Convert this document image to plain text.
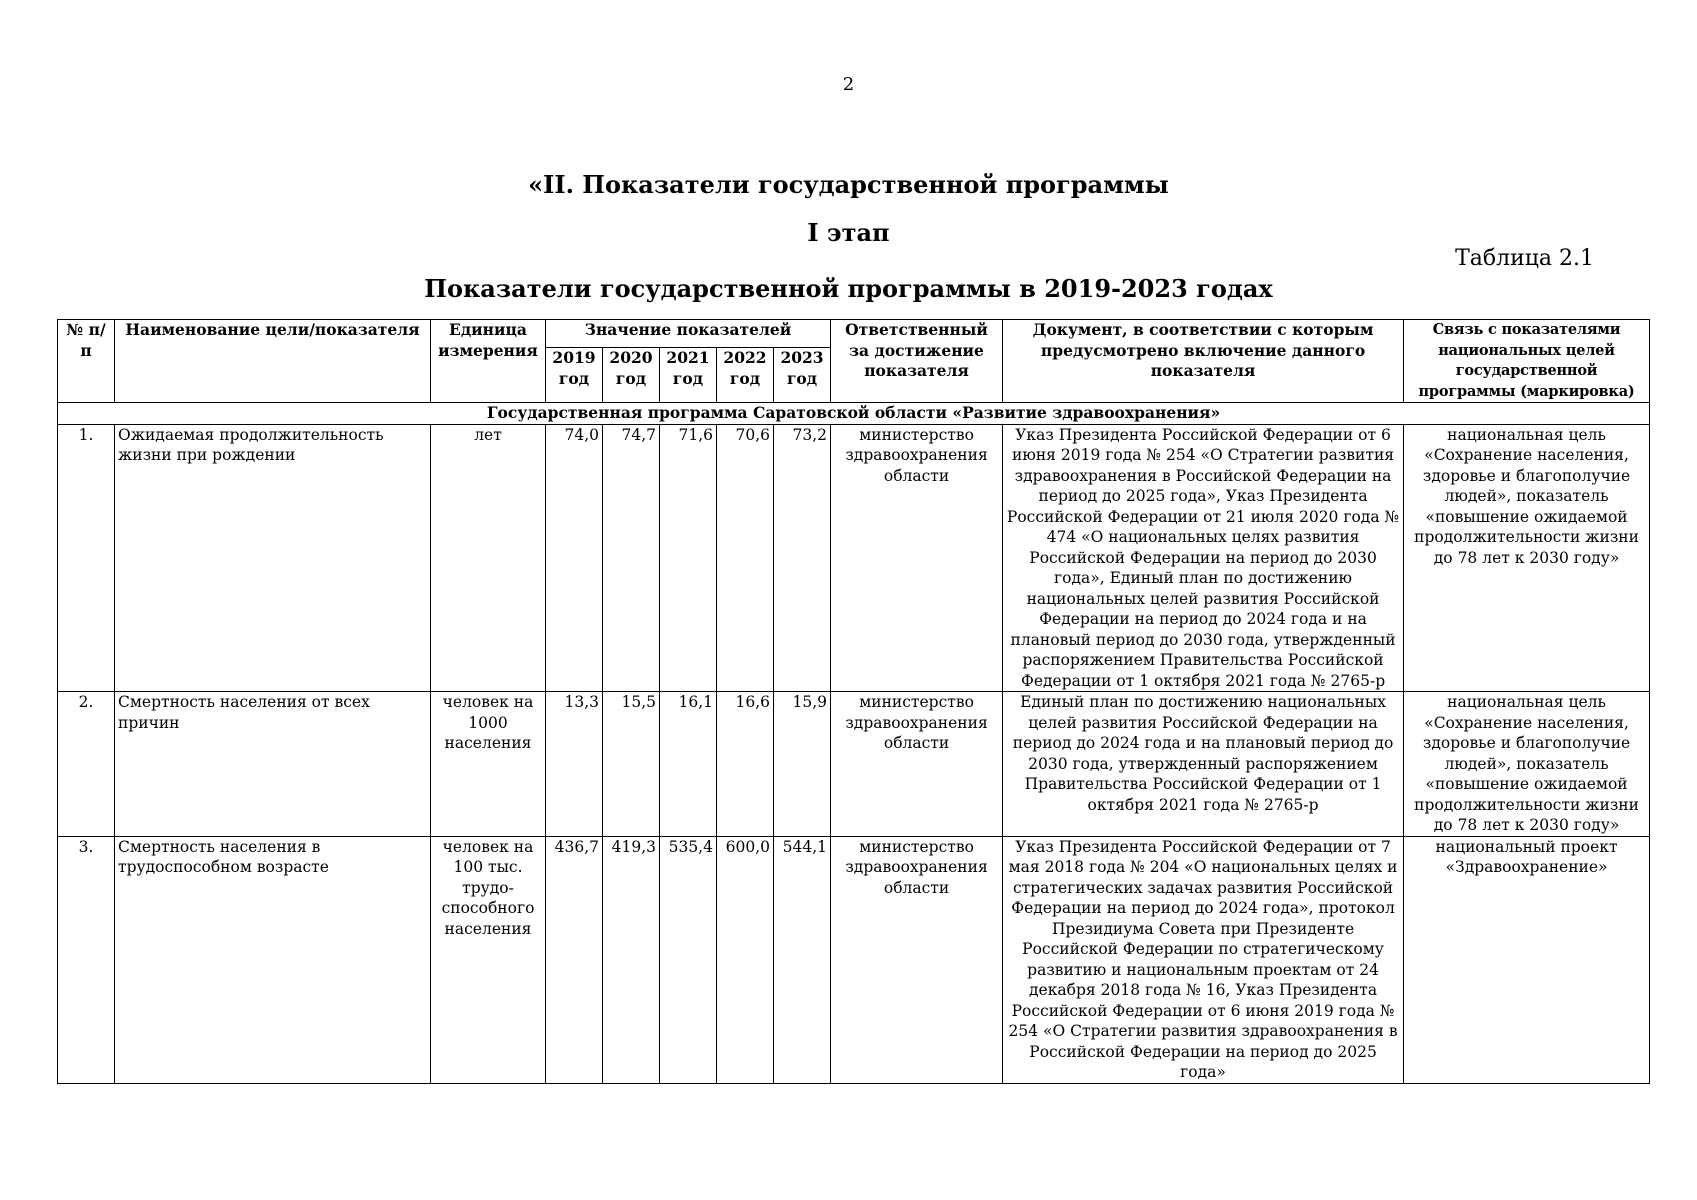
2
«II. Показатели государственной программы
I этап
Таблица 2.1
Показатели государственной программы в 2019-2023 годах
№ п/п	Наименование цели/показателя	Единица измерения	Значение показателей					Ответственный за достижение показателя	Документ, в соответствии с которым предусмотрено включение данного показателя	Связь с показателями национальных целей государственной программы (маркировка)
			2019 год	2020 год	2021 год	2022 год	2023 год			
Государственная программа Саратовской области «Развитие здравоохранения»										
1.	Ожидаемая продолжительность жизни при рождении	лет	74,0	74,7	71,6	70,6	73,2	министерство здравоохранения области	Указ Президента Российской Федерации от 6 июня 2019 года № 254 «О Стратегии развития здравоохранения в Российской Федерации на период до 2025 года», Указ Президента Российской Федерации от 21 июля 2020 года № 474 «О национальных целях развития Российской Федерации на период до 2030 года», Единый план по достижению национальных целей развития Российской Федерации на период до 2024 года и на плановый период до 2030 года, утвержденный распоряжением Правительства Российской Федерации от 1 октября 2021 года № 2765-р	национальная цель «Сохранение населения, здоровье и благополучие людей», показатель «повышение ожидаемой продолжительности жизни до 78 лет к 2030 году»
2.	Смертность населения от всех причин	человек на 1000 населения	13,3	15,5	16,1	16,6	15,9	министерство здравоохранения области	Единый план по достижению национальных целей развития Российской Федерации на период до 2024 года и на плановый период до 2030 года, утвержденный распоряжением Правительства Российской Федерации от 1 октября 2021 года № 2765-р	национальная цель «Сохранение населения, здоровье и благополучие людей», показатель «повышение ожидаемой продолжительности жизни до 78 лет к 2030 году»
3.	Смертность населения в трудоспособном возрасте	человек на 100 тыс. трудо-способного населения	436,7	419,3	535,4	600,0	544,1	министерство здравоохранения области	Указ Президента Российской Федерации от 7 мая 2018 года № 204 «О национальных целях и стратегических задачах развития Российской Федерации на период до 2024 года», протокол Президиума Совета при Президенте Российской Федерации по стратегическому развитию и национальным проектам от 24 декабря 2018 года № 16, Указ Президента Российской Федерации от 6 июня 2019 года № 254 «О Стратегии развития здравоохранения в Российской Федерации на период до 2025 года»	национальный проект «Здравоохранение»
